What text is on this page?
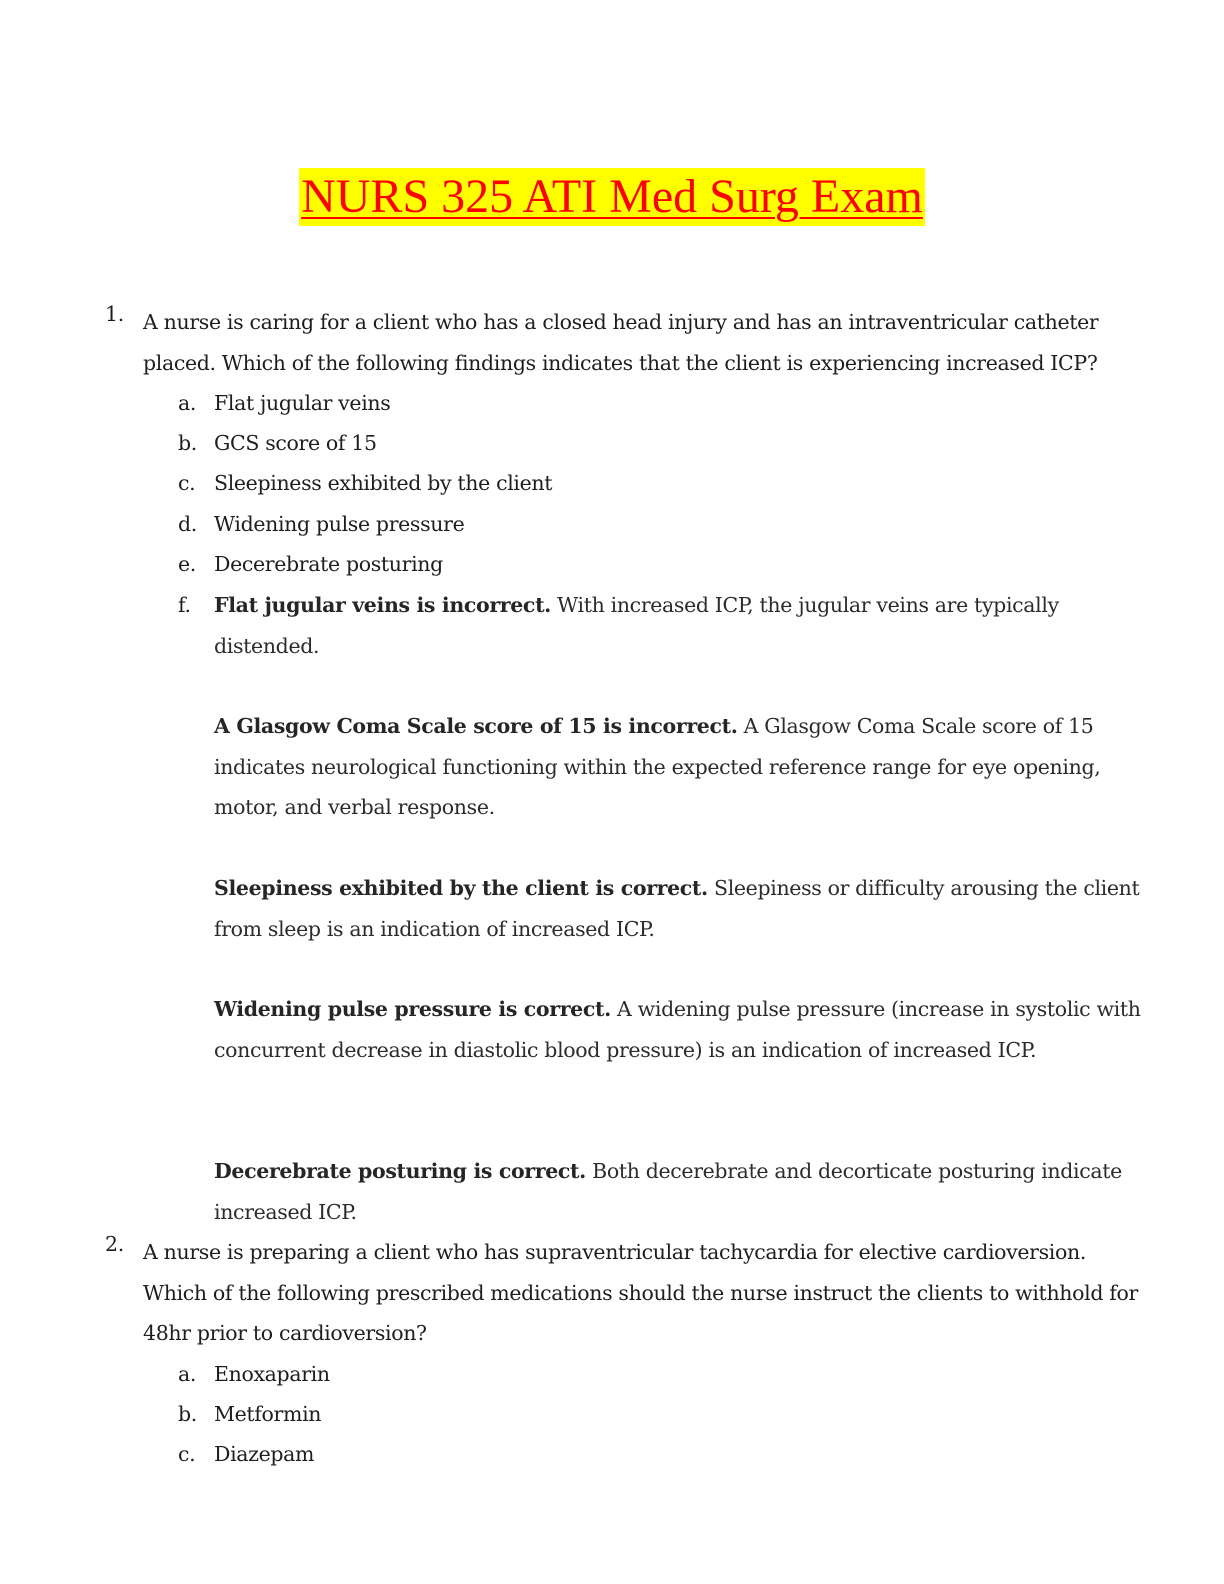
NURS 325 ATI Med Surg Exam
1. A nurse is caring for a client who has a closed head injury and has an intraventricular catheter placed. Which of the following findings indicates that the client is experiencing increased ICP?
a. Flat jugular veins
b. GCS score of 15
c. Sleepiness exhibited by the client
d. Widening pulse pressure
e. Decerebrate posturing
f. Flat jugular veins is incorrect. With increased ICP, the jugular veins are typically distended.
A Glasgow Coma Scale score of 15 is incorrect. A Glasgow Coma Scale score of 15 indicates neurological functioning within the expected reference range for eye opening, motor, and verbal response.
Sleepiness exhibited by the client is correct. Sleepiness or difficulty arousing the client from sleep is an indication of increased ICP.
Widening pulse pressure is correct. A widening pulse pressure (increase in systolic with concurrent decrease in diastolic blood pressure) is an indication of increased ICP.
Decerebrate posturing is correct. Both decerebrate and decorticate posturing indicate increased ICP.
2. A nurse is preparing a client who has supraventricular tachycardia for elective cardioversion. Which of the following prescribed medications should the nurse instruct the clients to withhold for 48hr prior to cardioversion?
a. Enoxaparin
b. Metformin
c. Diazepam
